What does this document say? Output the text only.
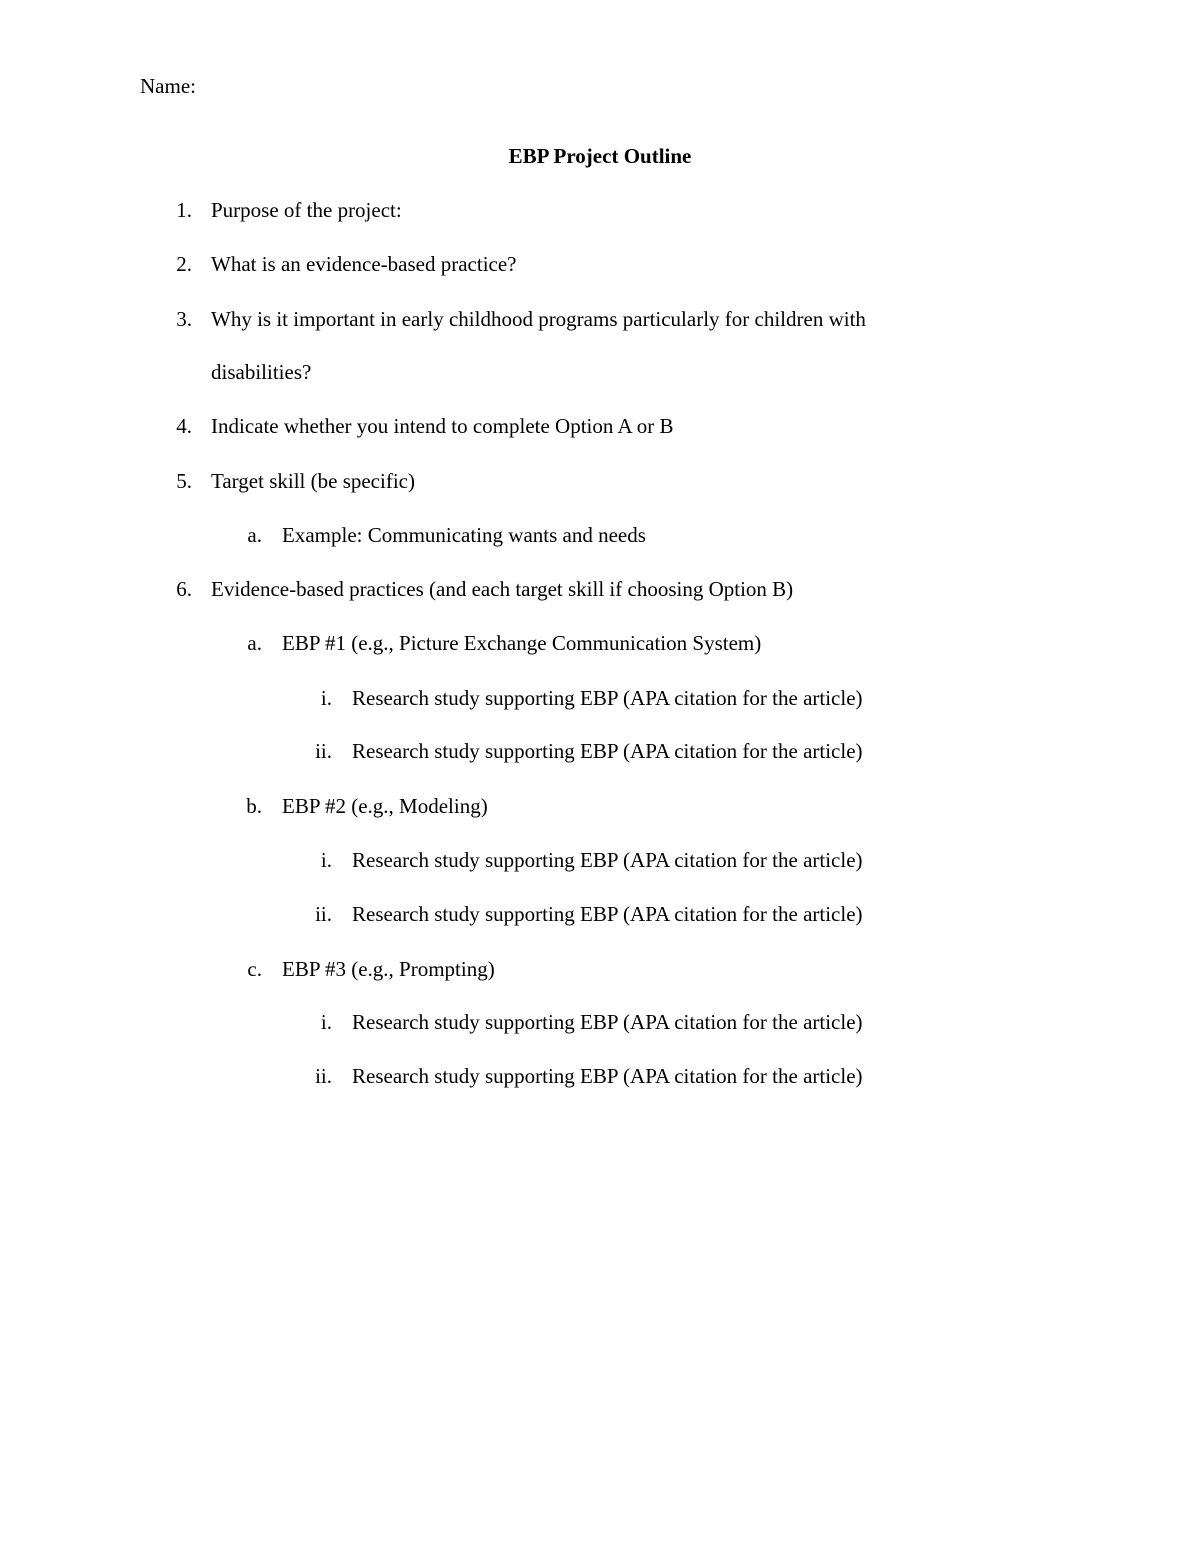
Name:
EBP Project Outline
1. Purpose of the project:
2. What is an evidence-based practice?
3. Why is it important in early childhood programs particularly for children with
disabilities?
4. Indicate whether you intend to complete Option A or B
5. Target skill (be specific)
a. Example: Communicating wants and needs
6. Evidence-based practices (and each target skill if choosing Option B)
a. EBP #1 (e.g., Picture Exchange Communication System)
i. Research study supporting EBP (APA citation for the article)
ii. Research study supporting EBP (APA citation for the article)
b. EBP #2 (e.g., Modeling)
i. Research study supporting EBP (APA citation for the article)
ii. Research study supporting EBP (APA citation for the article)
c. EBP #3 (e.g., Prompting)
i. Research study supporting EBP (APA citation for the article)
ii. Research study supporting EBP (APA citation for the article)
